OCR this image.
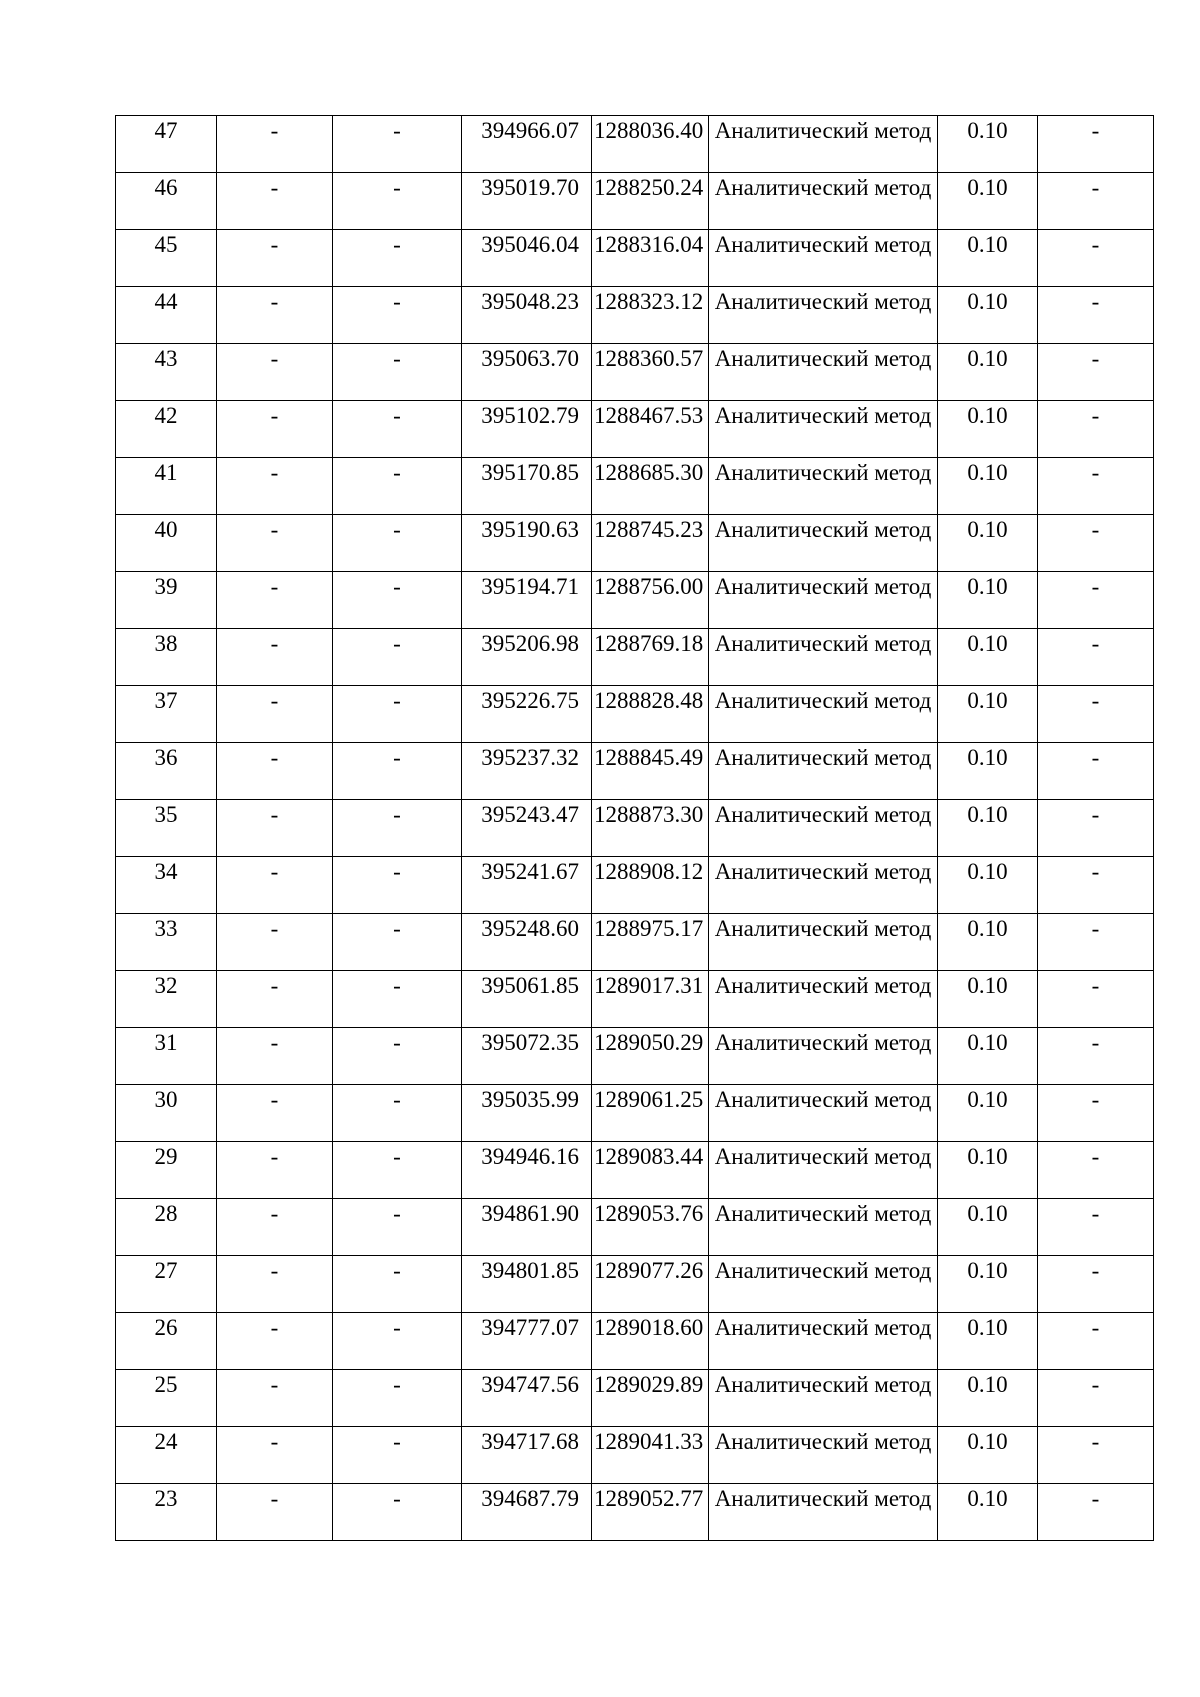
47	-	-	394966.07	1288036.40	Аналитический метод	0.10	-

46	-	-	395019.70	1288250.24	Аналитический метод	0.10	-

45	-	-	395046.04	1288316.04	Аналитический метод	0.10	-

44	-	-	395048.23	1288323.12	Аналитический метод	0.10	-

43	-	-	395063.70	1288360.57	Аналитический метод	0.10	-

42	-	-	395102.79	1288467.53	Аналитический метод	0.10	-

41	-	-	395170.85	1288685.30	Аналитический метод	0.10	-

40	-	-	395190.63	1288745.23	Аналитический метод	0.10	-

39	-	-	395194.71	1288756.00	Аналитический метод	0.10	-

38	-	-	395206.98	1288769.18	Аналитический метод	0.10	-

37	-	-	395226.75	1288828.48	Аналитический метод	0.10	-

36	-	-	395237.32	1288845.49	Аналитический метод	0.10	-

35	-	-	395243.47	1288873.30	Аналитический метод	0.10	-

34	-	-	395241.67	1288908.12	Аналитический метод	0.10	-

33	-	-	395248.60	1288975.17	Аналитический метод	0.10	-

32	-	-	395061.85	1289017.31	Аналитический метод	0.10	-

31	-	-	395072.35	1289050.29	Аналитический метод	0.10	-

30	-	-	395035.99	1289061.25	Аналитический метод	0.10	-

29	-	-	394946.16	1289083.44	Аналитический метод	0.10	-

28	-	-	394861.90	1289053.76	Аналитический метод	0.10	-

27	-	-	394801.85	1289077.26	Аналитический метод	0.10	-

26	-	-	394777.07	1289018.60	Аналитический метод	0.10	-

25	-	-	394747.56	1289029.89	Аналитический метод	0.10	-

24	-	-	394717.68	1289041.33	Аналитический метод	0.10	-

23	-	-	394687.79	1289052.77	Аналитический метод	0.10	-
